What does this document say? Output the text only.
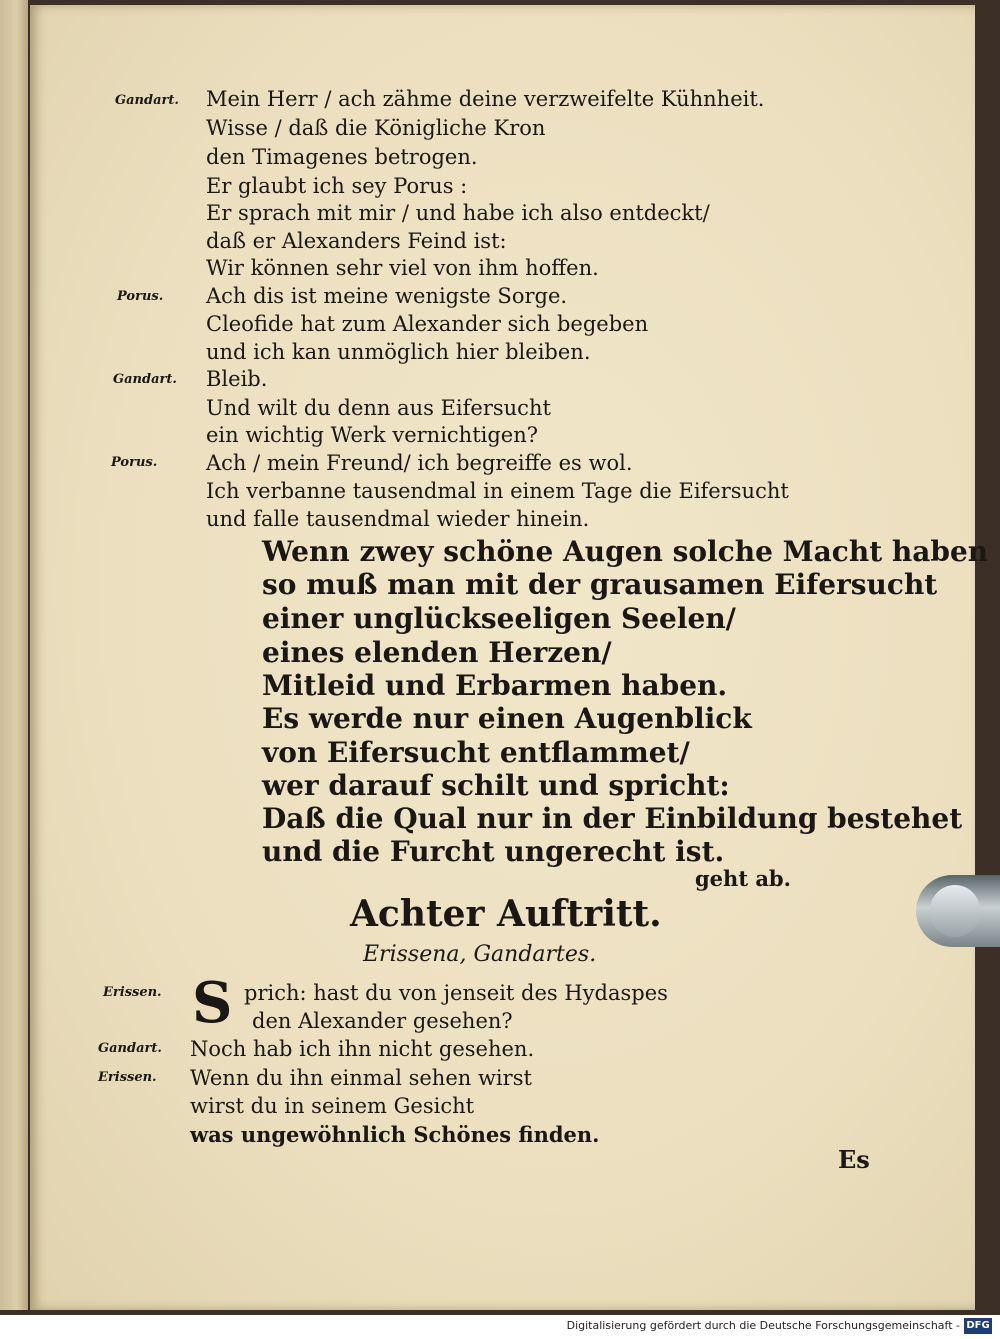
Gandart.
Porus.
Gandart.
Porus.
Erissen.
Gandart.
Erissen.
Mein Herr / ach zähme deine verzweifelte Kühnheit.
Wisse / daß die Königliche Kron
den Timagenes betrogen.
Er glaubt ich sey Porus :
Er sprach mit mir / und habe ich also entdeckt/
daß er Alexanders Feind ist:
Wir können sehr viel von ihm hoffen.
Ach dis ist meine wenigste Sorge.
Cleofide hat zum Alexander sich begeben
und ich kan unmöglich hier bleiben.
Bleib.
Und wilt du denn aus Eifersucht
ein wichtig Werk vernichtigen?
Ach / mein Freund/ ich begreiffe es wol.
Ich verbanne tausendmal in einem Tage die Eifersucht
und falle tausendmal wieder hinein.
Wenn zwey schöne Augen solche Macht haben
so muß man mit der grausamen Eifersucht
einer unglückseeligen Seelen/
eines elenden Herzen/
Mitleid und Erbarmen haben.
Es werde nur einen Augenblick
von Eifersucht entflammet/
wer darauf schilt und spricht:
Daß die Qual nur in der Einbildung bestehet
und die Furcht ungerecht ist.
geht ab.
Achter Auftritt.
Erissena, Gandartes.
S prich: hast du von jenseit des Hydaspes
den Alexander gesehen?
Noch hab ich ihn nicht gesehen.
Wenn du ihn einmal sehen wirst
wirst du in seinem Gesicht
was ungewöhnlich Schönes finden.
Es
Digitalisierung gefördert durch die Deutsche Forschungsgemeinschaft - DFG
